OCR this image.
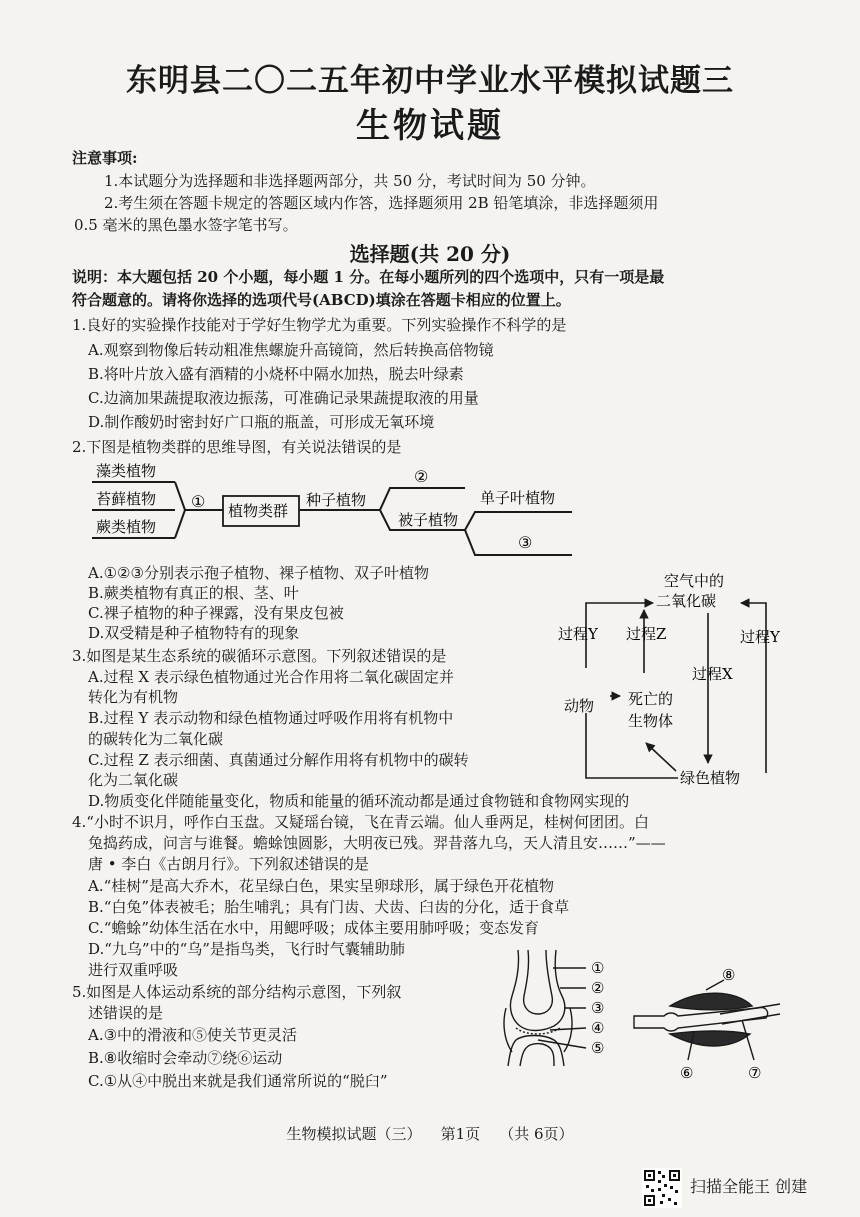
东明县二〇二五年初中学业水平模拟试题三
生物试题
注意事项:
1.本试题分为选择题和非选择题两部分，共 50 分，考试时间为 50 分钟。
2.考生须在答题卡规定的答题区域内作答，选择题须用 2B 铅笔填涂，非选择题须用
0.5 毫米的黑色墨水签字笔书写。
选择题(共 20 分)
说明：本大题包括 20 个小题，每小题 1 分。在每小题所列的四个选项中，只有一项是最
符合题意的。请将你选择的选项代号(ABCD)填涂在答题卡相应的位置上。
1.良好的实验操作技能对于学好生物学尤为重要。下列实验操作不科学的是
A.观察到物像后转动粗准焦螺旋升高镜筒，然后转换高倍物镜
B.将叶片放入盛有酒精的小烧杯中隔水加热，脱去叶绿素
C.边滴加果蔬提取液边振荡，可准确记录果蔬提取液的用量
D.制作酸奶时密封好广口瓶的瓶盖，可形成无氧环境
2.下图是植物类群的思维导图，有关说法错误的是
藻类植物
苔藓植物
蕨类植物
① 植物类群
种子植物
②
被子植物
单子叶植物
③
A.①②③分别表示孢子植物、裸子植物、双子叶植物
B.蕨类植物有真正的根、茎、叶
C.裸子植物的种子裸露，没有果皮包被
D.双受精是种子植物特有的现象
空气中的
二氧化碳
过程Y 过程Z	过程Y
过程X
动物 死亡的
生物体
绿色植物
3.如图是某生态系统的碳循环示意图。下列叙述错误的是
A.过程 X 表示绿色植物通过光合作用将二氧化碳固定并
转化为有机物
B.过程 Y 表示动物和绿色植物通过呼吸作用将有机物中
的碳转化为二氧化碳
C.过程 Z 表示细菌、真菌通过分解作用将有机物中的碳转
化为二氧化碳
D.物质变化伴随能量变化，物质和能量的循环流动都是通过食物链和食物网实现的
4.“小时不识月，呼作白玉盘。又疑瑶台镜，飞在青云端。仙人垂两足，桂树何团团。白
兔捣药成，问言与谁餐。蟾蜍蚀圆影，大明夜已残。羿昔落九乌，天人清且安……”——
唐 • 李白《古朗月行》。下列叙述错误的是
A.“桂树”是高大乔木，花呈绿白色，果实呈卵球形，属于绿色开花植物
B.“白兔”体表被毛；胎生哺乳；具有门齿、犬齿、臼齿的分化，适于食草
C.“蟾蜍”幼体生活在水中，用鳃呼吸；成体主要用肺呼吸；变态发育
D.“九乌”中的“乌”是指鸟类，飞行时气囊辅助肺
进行双重呼吸
5.如图是人体运动系统的部分结构示意图，下列叙
述错误的是
A.③中的滑液和⑤使关节更灵活
B.⑧收缩时会牵动⑦绕⑥运动
C.①从④中脱出来就是我们通常所说的“脱臼”
①
②
③
④
⑤
⑧
⑥	⑦
生物模拟试题（三） 第1页 （共 6页）
扫描全能王 创建
